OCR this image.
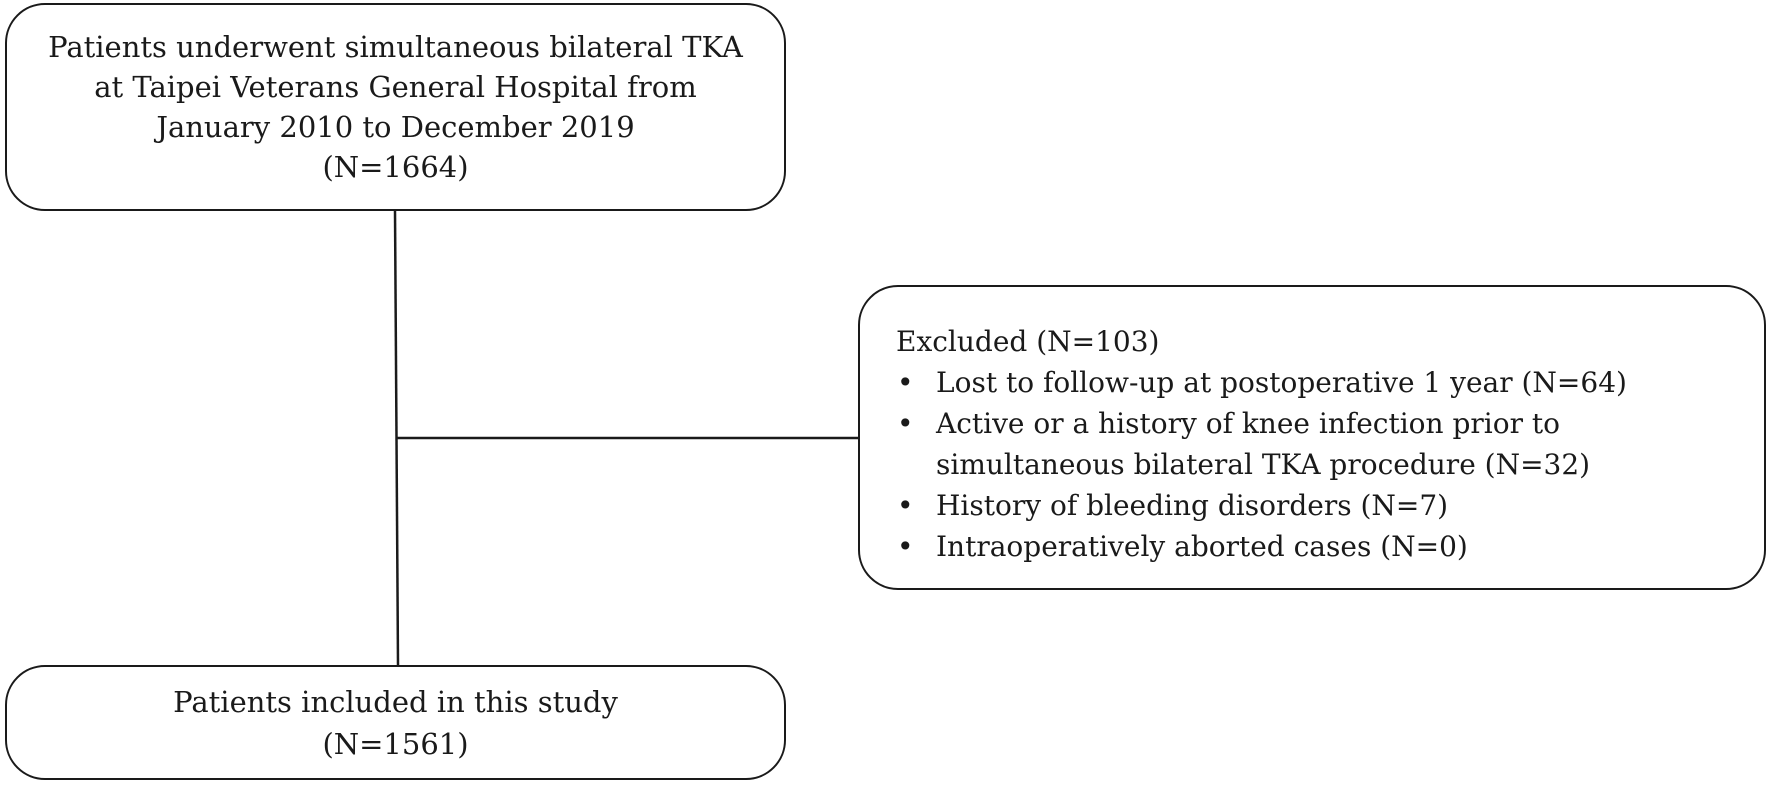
Patients underwent simultaneous bilateral TKA
at Taipei Veterans General Hospital from
January 2010 to December 2019
(N=1664)
Excluded (N=103)
• Lost to follow-up at postoperative 1 year (N=64)
• Active or a history of knee infection prior to
simultaneous bilateral TKA procedure (N=32)
• History of bleeding disorders (N=7)
• Intraoperatively aborted cases (N=0)
Patients included in this study
(N=1561)
